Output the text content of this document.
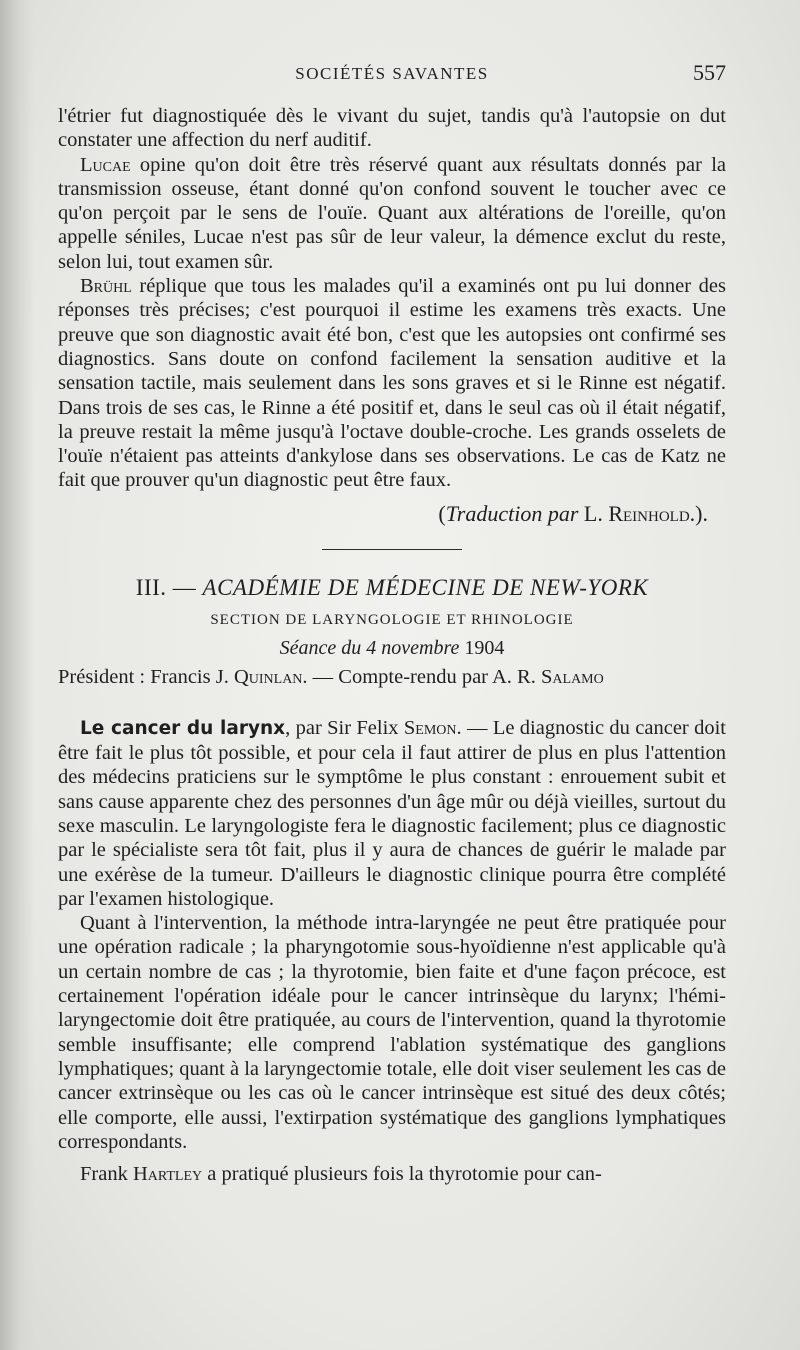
SOCIÉTÉS SAVANTES	557

l'étrier fut diagnostiquée dès le vivant du sujet, tandis qu'à l'autopsie on dut constater une affection du nerf auditif.

Lucae opine qu'on doit être très réservé quant aux résultats donnés par la transmission osseuse, étant donné qu'on confond souvent le toucher avec ce qu'on perçoit par le sens de l'ouïe. Quant aux altérations de l'oreille, qu'on appelle séniles, Lucae n'est pas sûr de leur valeur, la démence exclut du reste, selon lui, tout examen sûr.

Brühl réplique que tous les malades qu'il a examinés ont pu lui donner des réponses très précises; c'est pourquoi il estime les examens très exacts. Une preuve que son diagnostic avait été bon, c'est que les autopsies ont confirmé ses diagnostics. Sans doute on confond facilement la sensation auditive et la sensation tactile, mais seulement dans les sons graves et si le Rinne est négatif. Dans trois de ses cas, le Rinne a été positif et, dans le seul cas où il était négatif, la preuve restait la même jusqu'à l'octave double-croche. Les grands osselets de l'ouïe n'étaient pas atteints d'ankylose dans ses observations. Le cas de Katz ne fait que prouver qu'un diagnostic peut être faux.

(Traduction par L. Reinhold.).

III. — ACADÉMIE DE MÉDECINE DE NEW-YORK

SECTION DE LARYNGOLOGIE ET RHINOLOGIE

Séance du 4 novembre 1904

Président : Francis J. Quinlan. — Compte-rendu par A. R. Salamo

Le cancer du larynx, par Sir Felix Semon. — Le diagnostic du cancer doit être fait le plus tôt possible, et pour cela il faut attirer de plus en plus l'attention des médecins praticiens sur le symptôme le plus constant : enrouement subit et sans cause apparente chez des personnes d'un âge mûr ou déjà vieilles, surtout du sexe masculin. Le laryngologiste fera le diagnostic facilement; plus ce diagnostic par le spécialiste sera tôt fait, plus il y aura de chances de guérir le malade par une exérèse de la tumeur. D'ailleurs le diagnostic clinique pourra être complété par l'examen histologique.

Quant à l'intervention, la méthode intra-laryngée ne peut être pratiquée pour une opération radicale ; la pharyngotomie sous-hyoïdienne n'est applicable qu'à un certain nombre de cas ; la thyrotomie, bien faite et d'une façon précoce, est certainement l'opération idéale pour le cancer intrinsèque du larynx; l'hémi-laryngectomie doit être pratiquée, au cours de l'intervention, quand la thyrotomie semble insuffisante; elle comprend l'ablation systématique des ganglions lymphatiques; quant à la laryngectomie totale, elle doit viser seulement les cas de cancer extrinsèque ou les cas où le cancer intrinsèque est situé des deux côtés; elle comporte, elle aussi, l'extirpation systématique des ganglions lymphatiques correspondants.

Frank Hartley a pratiqué plusieurs fois la thyrotomie pour can-
